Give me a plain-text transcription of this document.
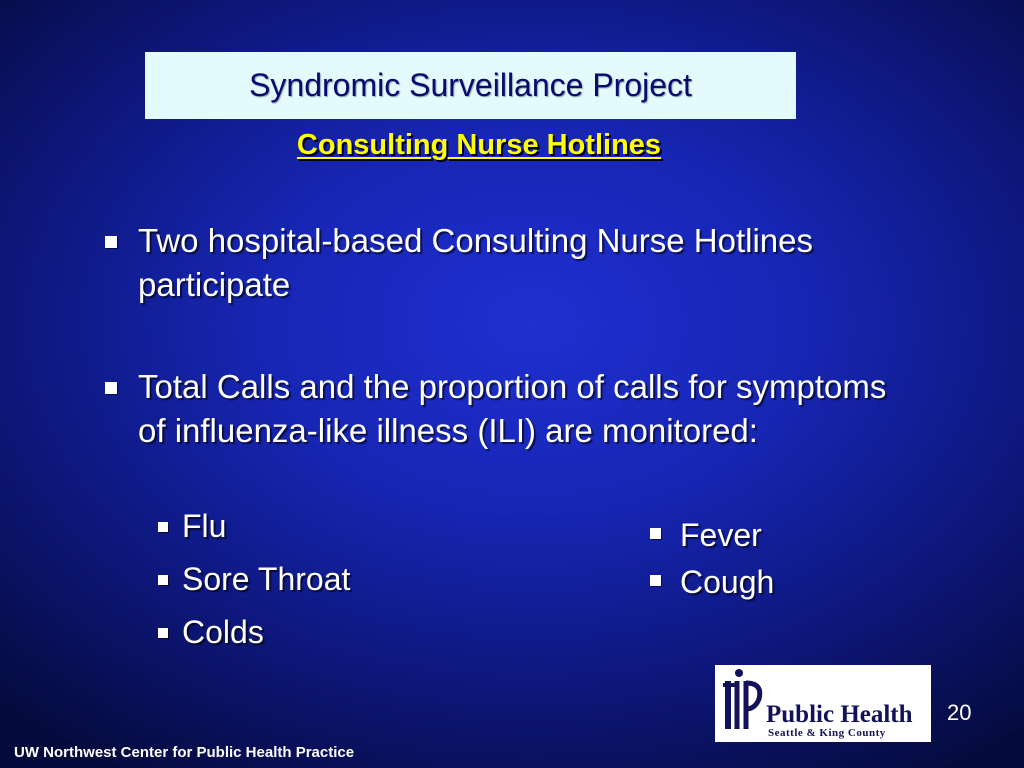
Syndromic Surveillance Project
Consulting Nurse Hotlines
Two hospital-based Consulting Nurse Hotlines participate
Total Calls and the proportion of calls for symptoms of influenza-like illness (ILI) are monitored:
Flu
Sore Throat
Colds
Fever
Cough
Public Health
Seattle & King County
20
UW Northwest Center for Public Health Practice
